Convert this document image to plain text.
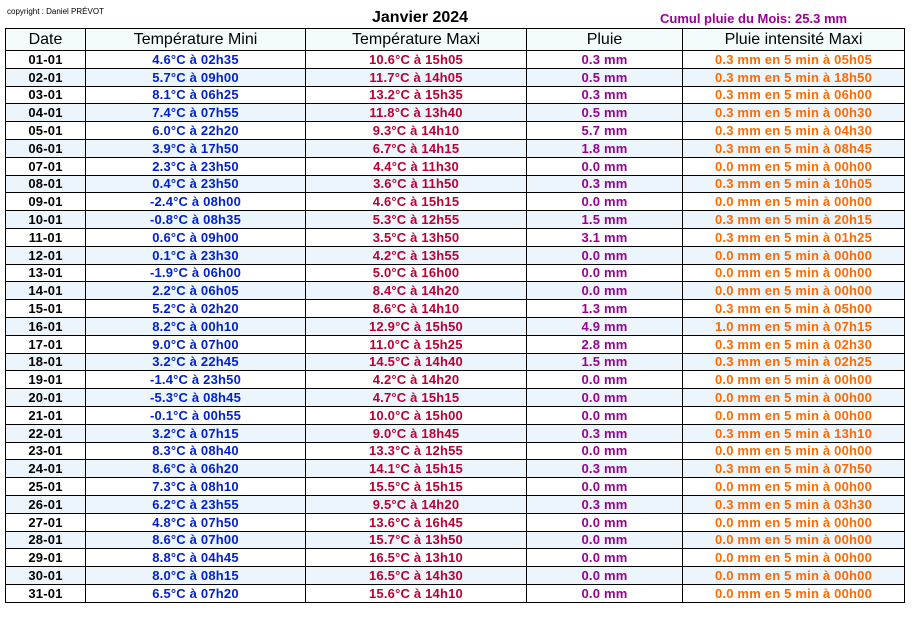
copyright : Daniel PRÉVOT	Janvier 2024	Cumul pluie du Mois: 25.3 mm
Date	Température Mini	Température Maxi	Pluie	Pluie intensité Maxi
01-01	4.6°C à 02h35	10.6°C à 15h05	0.3 mm	0.3 mm en 5 min à 05h05
02-01	5.7°C à 09h00	11.7°C à 14h05	0.5 mm	0.3 mm en 5 min à 18h50
03-01	8.1°C à 06h25	13.2°C à 15h35	0.3 mm	0.3 mm en 5 min à 06h00
04-01	7.4°C à 07h55	11.8°C à 13h40	0.5 mm	0.3 mm en 5 min à 00h30
05-01	6.0°C à 22h20	9.3°C à 14h10	5.7 mm	0.3 mm en 5 min à 04h30
06-01	3.9°C à 17h50	6.7°C à 14h15	1.8 mm	0.3 mm en 5 min à 08h45
07-01	2.3°C à 23h50	4.4°C à 11h30	0.0 mm	0.0 mm en 5 min à 00h00
08-01	0.4°C à 23h50	3.6°C à 11h50	0.3 mm	0.3 mm en 5 min à 10h05
09-01	-2.4°C à 08h00	4.6°C à 15h15	0.0 mm	0.0 mm en 5 min à 00h00
10-01	-0.8°C à 08h35	5.3°C à 12h55	1.5 mm	0.3 mm en 5 min à 20h15
11-01	0.6°C à 09h00	3.5°C à 13h50	3.1 mm	0.3 mm en 5 min à 01h25
12-01	0.1°C à 23h30	4.2°C à 13h55	0.0 mm	0.0 mm en 5 min à 00h00
13-01	-1.9°C à 06h00	5.0°C à 16h00	0.0 mm	0.0 mm en 5 min à 00h00
14-01	2.2°C à 06h05	8.4°C à 14h20	0.0 mm	0.0 mm en 5 min à 00h00
15-01	5.2°C à 02h20	8.6°C à 14h10	1.3 mm	0.3 mm en 5 min à 05h00
16-01	8.2°C à 00h10	12.9°C à 15h50	4.9 mm	1.0 mm en 5 min à 07h15
17-01	9.0°C à 07h00	11.0°C à 15h25	2.8 mm	0.3 mm en 5 min à 02h30
18-01	3.2°C à 22h45	14.5°C à 14h40	1.5 mm	0.3 mm en 5 min à 02h25
19-01	-1.4°C à 23h50	4.2°C à 14h20	0.0 mm	0.0 mm en 5 min à 00h00
20-01	-5.3°C à 08h45	4.7°C à 15h15	0.0 mm	0.0 mm en 5 min à 00h00
21-01	-0.1°C à 00h55	10.0°C à 15h00	0.0 mm	0.0 mm en 5 min à 00h00
22-01	3.2°C à 07h15	9.0°C à 18h45	0.3 mm	0.3 mm en 5 min à 13h10
23-01	8.3°C à 08h40	13.3°C à 12h55	0.0 mm	0.0 mm en 5 min à 00h00
24-01	8.6°C à 06h20	14.1°C à 15h15	0.3 mm	0.3 mm en 5 min à 07h50
25-01	7.3°C à 08h10	15.5°C à 15h15	0.0 mm	0.0 mm en 5 min à 00h00
26-01	6.2°C à 23h55	9.5°C à 14h20	0.3 mm	0.3 mm en 5 min à 03h30
27-01	4.8°C à 07h50	13.6°C à 16h45	0.0 mm	0.0 mm en 5 min à 00h00
28-01	8.6°C à 07h00	15.7°C à 13h50	0.0 mm	0.0 mm en 5 min à 00h00
29-01	8.8°C à 04h45	16.5°C à 13h10	0.0 mm	0.0 mm en 5 min à 00h00
30-01	8.0°C à 08h15	16.5°C à 14h30	0.0 mm	0.0 mm en 5 min à 00h00
31-01	6.5°C à 07h20	15.6°C à 14h10	0.0 mm	0.0 mm en 5 min à 00h00
